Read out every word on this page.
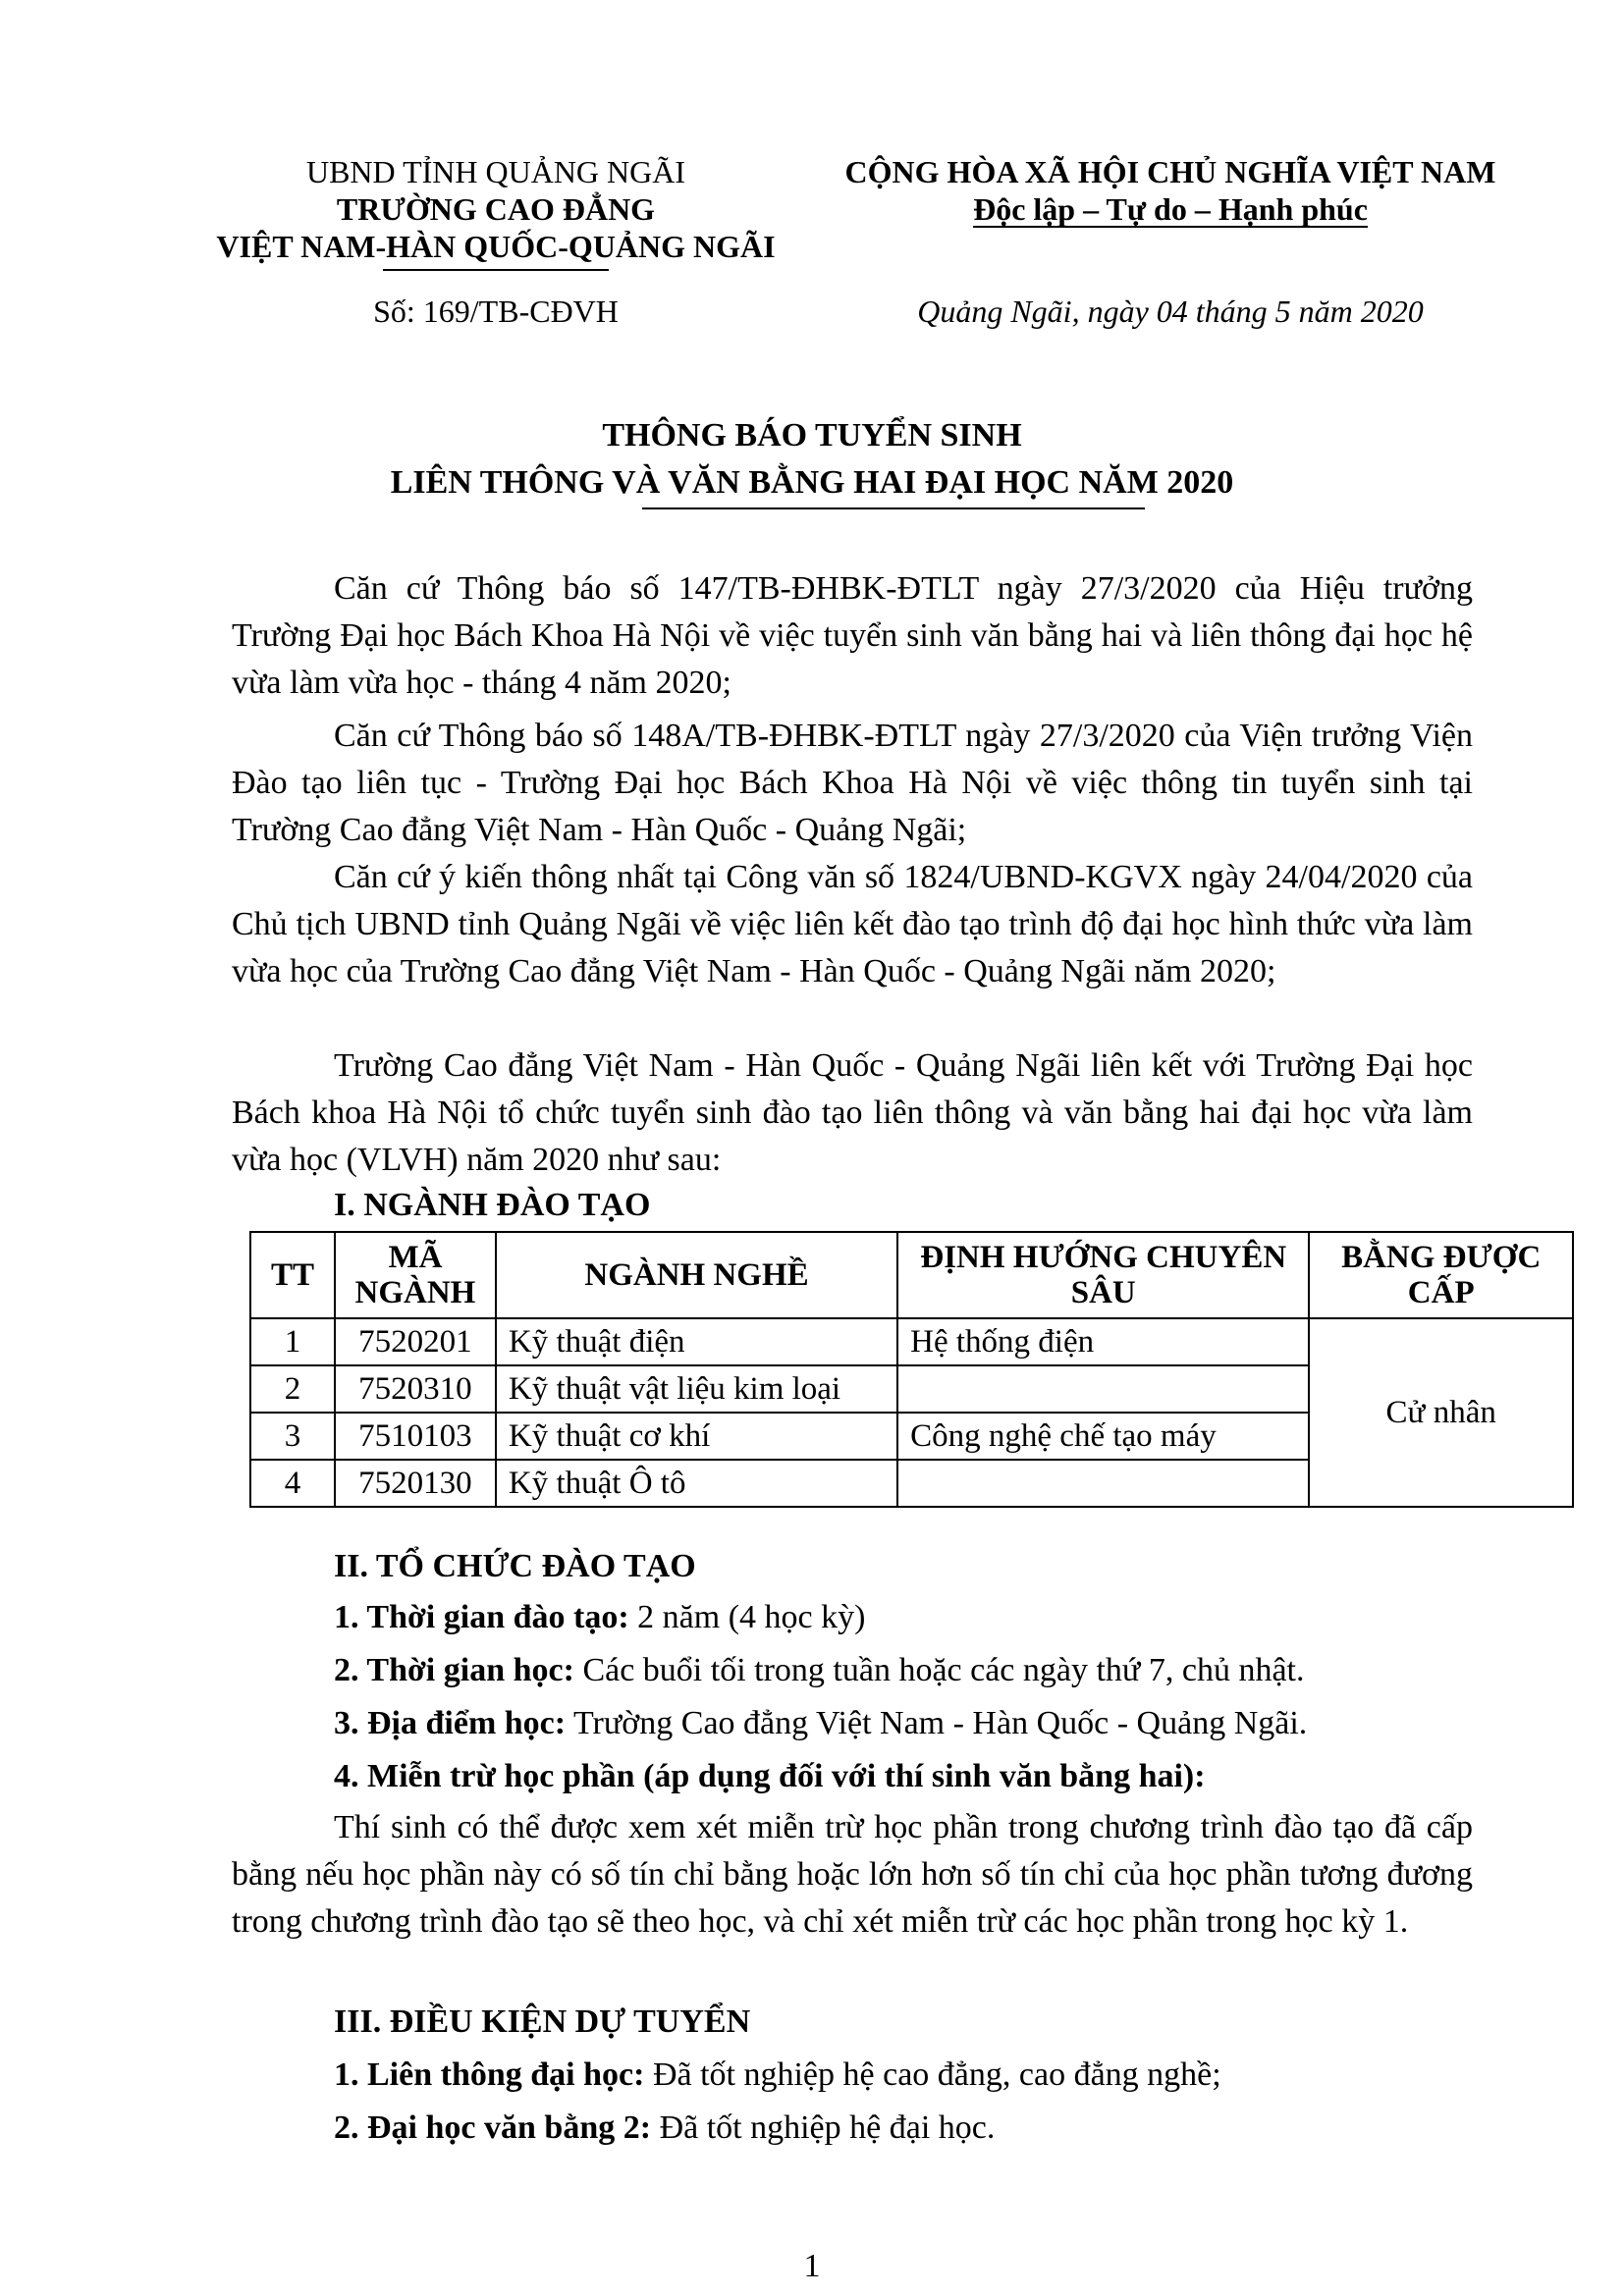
UBND TỈNH QUẢNG NGÃI
TRƯỜNG CAO ĐẲNG
VIỆT NAM-HÀN QUỐC-QUẢNG NGÃI
Số: 169/TB-CĐVH
CỘNG HÒA XÃ HỘI CHỦ NGHĨA VIỆT NAM
Độc lập – Tự do – Hạnh phúc
Quảng Ngãi, ngày 04 tháng 5 năm 2020
THÔNG BÁO TUYỂN SINH
LIÊN THÔNG VÀ VĂN BẰNG HAI ĐẠI HỌC NĂM 2020
Căn cứ Thông báo số 147/TB-ĐHBK-ĐTLT ngày 27/3/2020 của Hiệu trưởng Trường Đại học Bách Khoa Hà Nội về việc tuyển sinh văn bằng hai và liên thông đại học hệ vừa làm vừa học - tháng 4 năm 2020;
Căn cứ Thông báo số 148A/TB-ĐHBK-ĐTLT ngày 27/3/2020 của Viện trưởng Viện Đào tạo liên tục - Trường Đại học Bách Khoa Hà Nội về việc thông tin tuyển sinh tại Trường Cao đẳng Việt Nam - Hàn Quốc - Quảng Ngãi;
Căn cứ ý kiến thông nhất tại Công văn số 1824/UBND-KGVX ngày 24/04/2020 của Chủ tịch UBND tỉnh Quảng Ngãi về việc liên kết đào tạo trình độ đại học hình thức vừa làm vừa học của Trường Cao đẳng Việt Nam - Hàn Quốc - Quảng Ngãi năm 2020;
Trường Cao đẳng Việt Nam - Hàn Quốc - Quảng Ngãi liên kết với Trường Đại học Bách khoa Hà Nội tổ chức tuyển sinh đào tạo liên thông và văn bằng hai đại học vừa làm vừa học (VLVH) năm 2020 như sau:
I. NGÀNH ĐÀO TẠO
TT	MÃ NGÀNH	NGÀNH NGHỀ	ĐỊNH HƯỚNG CHUYÊN SÂU	BẰNG ĐƯỢC CẤP
1	7520201	Kỹ thuật điện	Hệ thống điện	Cử nhân
2	7520310	Kỹ thuật vật liệu kim loại		
3	7510103	Kỹ thuật cơ khí	Công nghệ chế tạo máy	
4	7520130	Kỹ thuật Ô tô		
II. TỔ CHỨC ĐÀO TẠO
1. Thời gian đào tạo: 2 năm (4 học kỳ)
2. Thời gian học: Các buổi tối trong tuần hoặc các ngày thứ 7, chủ nhật.
3. Địa điểm học: Trường Cao đẳng Việt Nam - Hàn Quốc - Quảng Ngãi.
4. Miễn trừ học phần (áp dụng đối với thí sinh văn bằng hai):
Thí sinh có thể được xem xét miễn trừ học phần trong chương trình đào tạo đã cấp bằng nếu học phần này có số tín chỉ bằng hoặc lớn hơn số tín chỉ của học phần tương đương trong chương trình đào tạo sẽ theo học, và chỉ xét miễn trừ các học phần trong học kỳ 1.
III. ĐIỀU KIỆN DỰ TUYỂN
1. Liên thông đại học: Đã tốt nghiệp hệ cao đẳng, cao đẳng nghề;
2. Đại học văn bằng 2: Đã tốt nghiệp hệ đại học.
1
